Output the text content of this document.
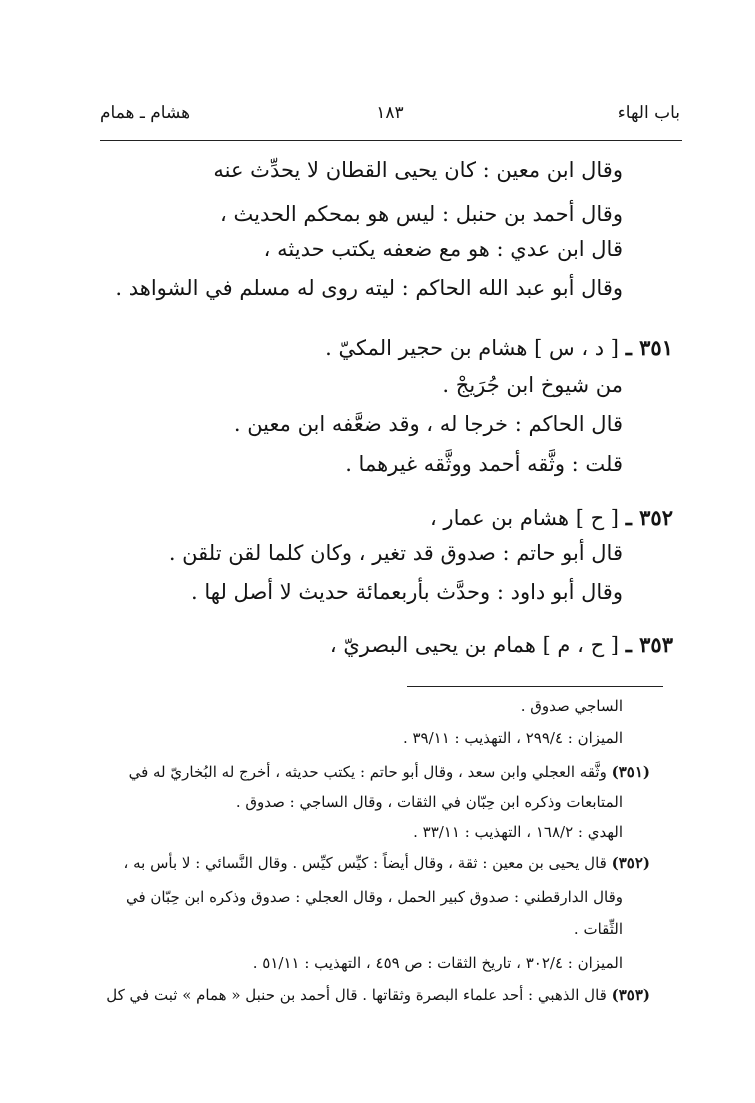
باب الهاء
١٨٣
هشام ـ همام
وقال ابن معين : كان يحيى القطان لا يحدِّث عنه
وقال أحمد بن حنبل : ليس هو بمحكم الحديث ،
قال ابن عدي : هو مع ضعفه يكتب حديثه ،
وقال أبو عبد الله الحاكم : ليته روى له مسلم في الشواهد .
٣٥١ ـ [ د ، س ] هشام بن حجير المكيّ .
من شيوخ ابن جُرَيجْ .
قال الحاكم : خرجا له ، وقد ضعَّفه ابن معين .
قلت : وثَّقه أحمد ووثَّقه غيرهما .
٣٥٢ ـ [ ح ] هشام بن عمار ،
قال أبو حاتم : صدوق قد تغير ، وكان كلما لقن تلقن .
وقال أبو داود : وحدَّث بأربعمائة حديث لا أصل لها .
٣٥٣ ـ [ ح ، م ] همام بن يحيى البصريّ ،
الساجي صدوق .
الميزان : ٢٩٩/٤ ، التهذيب : ٣٩/١١ .
(٣٥١) وثَّقه العجلي وابن سعد ، وقال أبو حاتم : يكتب حديثه ، أخرج له البُخاريّ له في
المتابعات وذكره ابن حِبّان في الثقات ، وقال الساجي : صدوق .
الهدي : ١٦٨/٢ ، التهذيب : ٣٣/١١ .
(٣٥٢) قال يحيى بن معين : ثقة ، وقال أيضاً : كيِّس كيِّس . وقال النَّسائي : لا بأس به ،
وقال الدارقطني : صدوق كبير الحمل ، وقال العجلي : صدوق وذكره ابن حِبّان في
الثِّقات .
الميزان : ٣٠٢/٤ ، تاريخ الثقات : ص ٤٥٩ ، التهذيب : ٥١/١١ .
(٣٥٣) قال الذهبي : أحد علماء البصرة وثقاتها . قال أحمد بن حنبل « همام » ثبت في كل
